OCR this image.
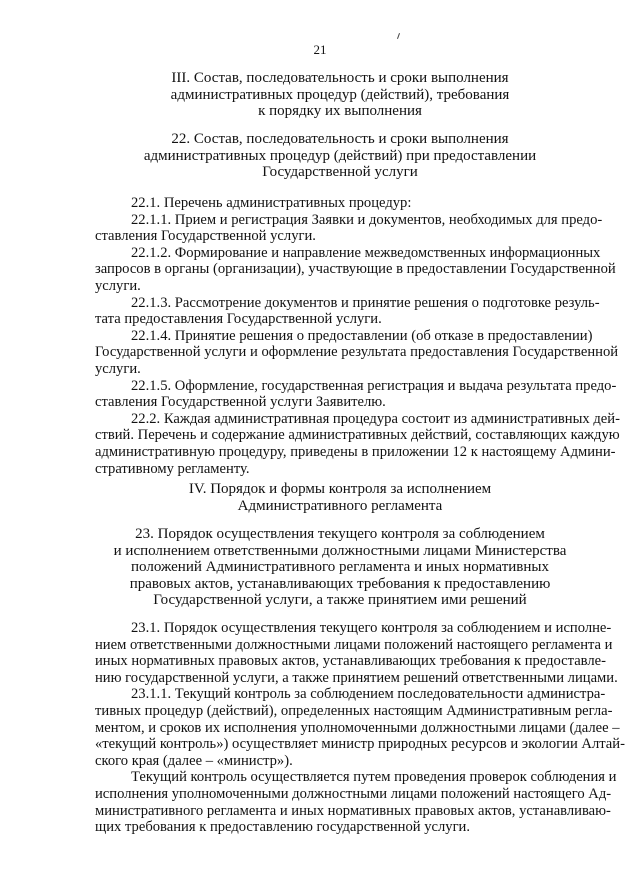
21
III. Состав, последовательность и сроки выполнения
административных процедур (действий), требования
к порядку их выполнения
22. Состав, последовательность и сроки выполнения
административных процедур (действий) при предоставлении
Государственной услуги
22.1. Перечень административных процедур:
22.1.1. Прием и регистрация Заявки и документов, необходимых для предо-
ставления Государственной услуги.
22.1.2. Формирование и направление межведомственных информационных
запросов в органы (организации), участвующие в предоставлении Государственной
услуги.
22.1.3. Рассмотрение документов и принятие решения о подготовке резуль-
тата предоставления Государственной услуги.
22.1.4. Принятие решения о предоставлении (об отказе в предоставлении)
Государственной услуги и оформление результата предоставления Государственной
услуги.
22.1.5. Оформление, государственная регистрация и выдача результата предо-
ставления Государственной услуги Заявителю.
22.2. Каждая административная процедура состоит из административных дей-
ствий. Перечень и содержание административных действий, составляющих каждую
административную процедуру, приведены в приложении 12 к настоящему Админи-
стративному регламенту.
IV. Порядок и формы контроля за исполнением
Административного регламента
23. Порядок осуществления текущего контроля за соблюдением
и исполнением ответственными должностными лицами Министерства
положений Административного регламента и иных нормативных
правовых актов, устанавливающих требования к предоставлению
Государственной услуги, а также принятием ими решений
23.1. Порядок осуществления текущего контроля за соблюдением и исполне-
нием ответственными должностными лицами положений настоящего регламента и
иных нормативных правовых актов, устанавливающих требования к предоставле-
нию государственной услуги, а также принятием решений ответственными лицами.
23.1.1. Текущий контроль за соблюдением последовательности администра-
тивных процедур (действий), определенных настоящим Административным регла-
ментом, и сроков их исполнения уполномоченными должностными лицами (далее –
«текущий контроль») осуществляет министр природных ресурсов и экологии Алтай-
ского края (далее – «министр»).
Текущий контроль осуществляется путем проведения проверок соблюдения и
исполнения уполномоченными должностными лицами положений настоящего Ад-
министративного регламента и иных нормативных правовых актов, устанавливаю-
щих требования к предоставлению государственной услуги.
